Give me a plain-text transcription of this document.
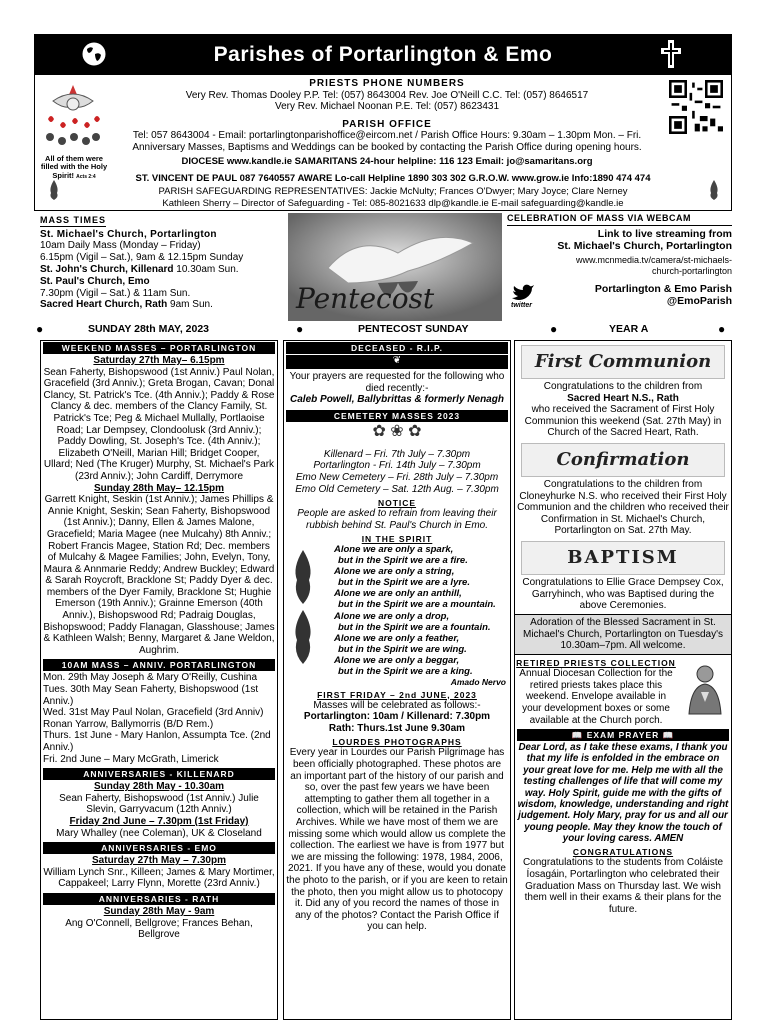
Parishes of Portarlington & Emo
All of them were filled with the Holy Spirit! Acts 2:4
PRIESTS PHONE NUMBERS
Very Rev. Thomas Dooley P.P. Tel: (057) 8643004 Rev. Joe O'Neill C.C. Tel: (057) 8646517
Very Rev. Michael Noonan P.E. Tel: (057) 8623431
PARISH OFFICE
Tel: 057 8643004 - Email: portarlingtonparishoffice@eircom.net / Parish Office Hours: 9.30am – 1.30pm Mon. – Fri.
Anniversary Masses, Baptisms and Weddings can be booked by contacting the Parish Office during opening hours.
DIOCESE www.kandle.ie SAMARITANS 24-hour helpline: 116 123 Email: jo@samaritans.org
ST. VINCENT DE PAUL 087 7640557 AWARE Lo-call Helpline 1890 303 302 G.R.O.W. www.grow.ie Info:1890 474 474
PARISH SAFEGUARDING REPRESENTATIVES: Jackie McNulty; Frances O'Dwyer; Mary Joyce; Clare Nerney
Kathleen Sherry – Director of Safeguarding - Tel: 085-8021633 dlp@kandle.ie E-mail safeguarding@kandle.ie
MASS TIMES
St. Michael's Church, Portarlington
10am Daily Mass (Monday – Friday)
6.15pm (Vigil – Sat.), 9am & 12.15pm Sunday
St. John's Church, Killenard 10.30am Sun.
St. Paul's Church, Emo
7.30pm (Vigil – Sat.) & 11am Sun.
Sacred Heart Church, Rath 9am Sun.	Pentecost
CELEBRATION OF MASS VIA WEBCAM
Link to live streaming from
St. Michael's Church, Portarlington
www.mcnmedia.tv/camera/st-michaels-
church-portarlington
twitter
Portarlington & Emo Parish
@EmoParish
●	SUNDAY 28th MAY, 2023	●	PENTECOST SUNDAY	●	YEAR A	●
WEEKEND MASSES – PORTARLINGTON
Saturday 27th May– 6.15pm
Sean Faherty, Bishopswood (1st Anniv.) Paul Nolan, Gracefield (3rd Anniv.); Greta Brogan, Cavan; Donal Clancy, St. Patrick's Tce. (4th Anniv.); Paddy & Rose Clancy & dec. members of the Clancy Family, St. Patrick's Tce; Peg & Michael Mullally, Portlaoise Road; Lar Dempsey, Clondoolusk (3rd Anniv.); Paddy Dowling, St. Joseph's Tce. (4th Anniv.); Elizabeth O'Neill, Marian Hill; Bridget Cooper, Ullard; Ned (The Kruger) Murphy, St. Michael's Park (23rd Anniv.); John Cardiff, Derrymore
Sunday 28th May– 12.15pm
Garrett Knight, Seskin (1st Anniv.); James Phillips & Annie Knight, Seskin; Sean Faherty, Bishopswood (1st Anniv.); Danny, Ellen & James Malone, Gracefield; Maria Magee (nee Mulcahy) 8th Anniv.; Robert Francis Magee, Station Rd; Dec. members of Mulcahy & Magee Families; John, Evelyn, Tony, Maura & Annmarie Reddy; Andrew Buckley; Edward & Sarah Roycroft, Bracklone St; Paddy Dyer & dec. members of the Dyer Family, Bracklone St; Hughie Emerson (19th Anniv.); Grainne Emerson (40th Anniv.), Bishopswood Rd; Padraig Douglas, Bishopswood; Paddy Flanagan, Glasshouse; James & Kathleen Walsh; Benny, Margaret & Jane Weldon, Aughrim.
10AM MASS – ANNIV. PORTARLINGTON
Mon. 29th May Joseph & Mary O'Reilly, Cushina
Tues. 30th May Sean Faherty, Bishopswood (1st Anniv.)
Wed. 31st May Paul Nolan, Gracefield (3rd Anniv) Ronan Yarrow, Ballymorris (B/D Rem.)
Thurs. 1st June - Mary Hanlon, Assumpta Tce. (2nd Anniv.)
Fri. 2nd June – Mary McGrath, Limerick
ANNIVERSARIES - KILLENARD
Sunday 28th May - 10.30am
Sean Faherty, Bishopswood (1st Anniv.) Julie Slevin, Garryvacum (12th Anniv.)
Friday 2nd June – 7.30pm (1st Friday)
Mary Whalley (nee Coleman), UK & Closeland
ANNIVERSARIES - EMO
Saturday 27th May – 7.30pm
William Lynch Snr., Killeen; James & Mary Mortimer, Cappakeel; Larry Flynn, Morette (23rd Anniv.)
ANNIVERSARIES - RATH
Sunday 28th May - 9am
Ang O'Connell, Bellgrove; Frances Behan, Bellgrove
DECEASED - R.I.P.
❦
Your prayers are requested for the following who died recently:-
Caleb Powell, Ballybrittas & formerly Nenagh
CEMETERY MASSES 2023
✿ ❀ ✿
Killenard – Fri. 7th July – 7.30pm
Portarlington - Fri. 14th July – 7.30pm
Emo New Cemetery – Fri. 28th July – 7.30pm
Emo Old Cemetery – Sat. 12th Aug. – 7.30pm
NOTICE
People are asked to refrain from leaving their rubbish behind St. Paul's Church in Emo.
IN THE SPIRIT
Alone we are only a spark,
but in the Spirit we are a fire.
Alone we are only a string,
but in the Spirit we are a lyre.
Alone we are only an anthill,
but in the Spirit we are a mountain.
Alone we are only a drop,
but in the Spirit we are a fountain.
Alone we are only a feather,
but in the Spirit we are wing.
Alone we are only a beggar,
but in the Spirit we are a king.
Amado Nervo
FIRST FRIDAY – 2nd JUNE, 2023
Masses will be celebrated as follows:-
Portarlington: 10am / Killenard: 7.30pm
Rath: Thurs.1st June 9.30am
LOURDES PHOTOGRAPHS
Every year in Lourdes our Parish Pilgrimage has been officially photographed. These photos are an important part of the history of our parish and so, over the past few years we have been attempting to gather them all together in a collection, which will be retained in the Parish Archives. While we have most of them we are missing some which would allow us complete the collection. The earliest we have is from 1977 but we are missing the following: 1978, 1984, 2006, 2021. If you have any of these, would you donate the photo to the parish, or if you are keen to retain the photo, then you might allow us to photocopy it. Did any of you record the names of those in any of the photos? Contact the Parish Office if you can help.
First Communion
Congratulations to the children from
Sacred Heart N.S., Rath
who received the Sacrament of First Holy Communion this weekend (Sat. 27th May) in Church of the Sacred Heart, Rath.
Confirmation
Congratulations to the children from Cloneyhurke N.S. who received their First Holy Communion and the children who received their Confirmation in St. Michael's Church, Portarlington on Sat. 27th May.
BAPTISM
Congratulations to Ellie Grace Dempsey Cox, Garryhinch, who was Baptised during the above Ceremonies.
Adoration of the Blessed Sacrament in St. Michael's Church, Portarlington on Tuesday's 10.30am–7pm. All welcome.
RETIRED PRIESTS COLLECTION
Annual Diocesan Collection for the retired priests takes place this weekend. Envelope available in your development boxes or some available at the Church porch.
📖 EXAM PRAYER 📖
Dear Lord, as I take these exams, I thank you that my life is enfolded in the embrace on your great love for me. Help me with all the testing challenges of life that will come my way. Holy Spirit, guide me with the gifts of wisdom, knowledge, understanding and right judgement. Holy Mary, pray for us and all our young people. May they know the touch of your loving caress. AMEN
CONGRATULATIONS
Congratulations to the students from Coláiste Íosagáin, Portarlington who celebrated their Graduation Mass on Thursday last. We wish them well in their exams & their plans for the future.
